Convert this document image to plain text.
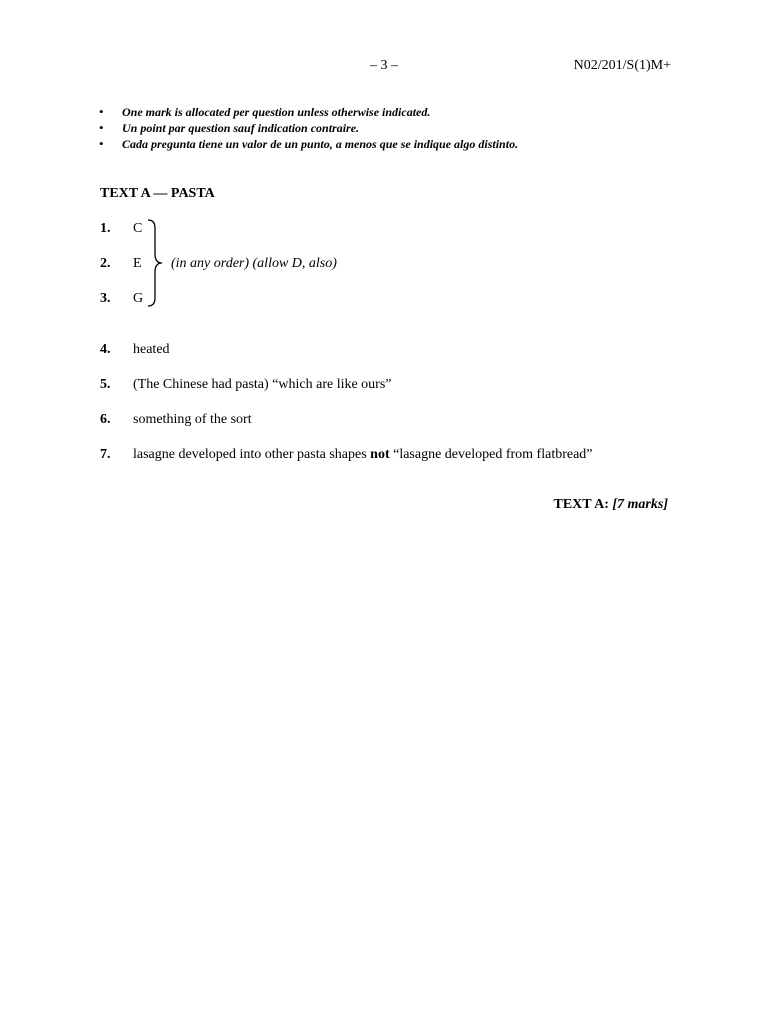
– 3 –	N02/201/S(1)M+
• One mark is allocated per question unless otherwise indicated.
• Un point par question sauf indication contraire.
• Cada pregunta tiene un valor de un punto, a menos que se indique algo distinto.
TEXT A — PASTA
1. C
2. E
3. G
(in any order) (allow D, also)
4. heated
5. (The Chinese had pasta) “which are like ours”
6. something of the sort
7. lasagne developed into other pasta shapes not “lasagne developed from flatbread”
TEXT A: [7 marks]
